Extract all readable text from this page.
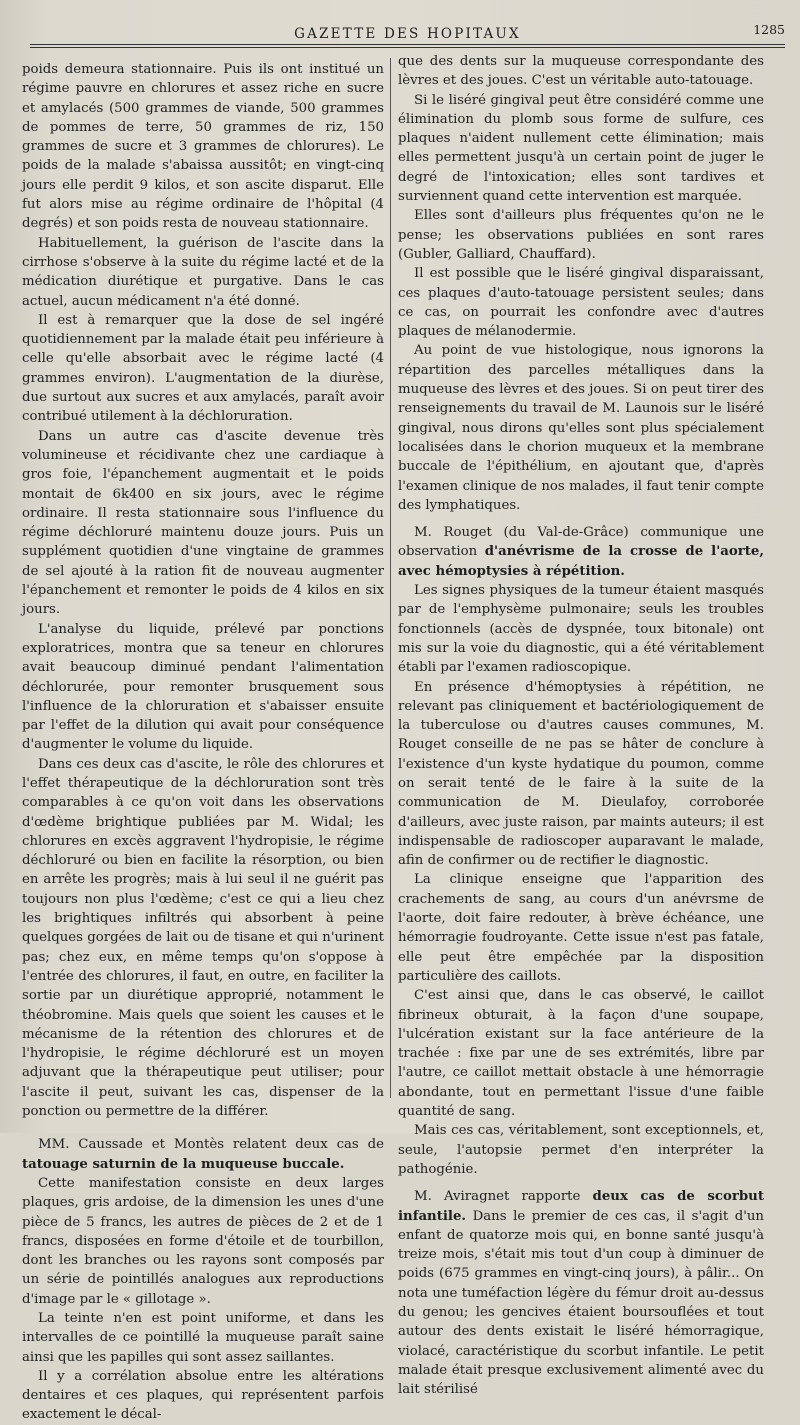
GAZETTE DES HOPITAUX	1285

poids demeura stationnaire. Puis ils ont institué un régime pauvre en chlorures et assez riche en sucre et amylacés (500 grammes de viande, 500 grammes de pommes de terre, 50 grammes de riz, 150 grammes de sucre et 3 grammes de chlorures). Le poids de la malade s'abaissa aussitôt; en vingt-cinq jours elle perdit 9 kilos, et son ascite disparut. Elle fut alors mise au régime ordinaire de l'hôpital (4 degrés) et son poids resta de nouveau stationnaire.

Habituellement, la guérison de l'ascite dans la cirrhose s'observe à la suite du régime lacté et de la médication diurétique et purgative. Dans le cas actuel, aucun médicament n'a été donné.

Il est à remarquer que la dose de sel ingéré quotidiennement par la malade était peu inférieure à celle qu'elle absorbait avec le régime lacté (4 grammes environ). L'augmentation de la diurèse, due surtout aux sucres et aux amylacés, paraît avoir contribué utilement à la déchloruration.

Dans un autre cas d'ascite devenue très volumineuse et récidivante chez une cardiaque à gros foie, l'épanchement augmentait et le poids montait de 6k400 en six jours, avec le régime ordinaire. Il resta stationnaire sous l'influence du régime déchloruré maintenu douze jours. Puis un supplément quotidien d'une vingtaine de grammes de sel ajouté à la ration fit de nouveau augmenter l'épanchement et remonter le poids de 4 kilos en six jours.

L'analyse du liquide, prélevé par ponctions exploratrices, montra que sa teneur en chlorures avait beaucoup diminué pendant l'alimentation déchlorurée, pour remonter brusquement sous l'influence de la chloruration et s'abaisser ensuite par l'effet de la dilution qui avait pour conséquence d'augmenter le volume du liquide.

Dans ces deux cas d'ascite, le rôle des chlorures et l'effet thérapeutique de la déchloruration sont très comparables à ce qu'on voit dans les observations d'œdème brightique publiées par M. Widal; les chlorures en excès aggravent l'hydropisie, le régime déchloruré ou bien en facilite la résorption, ou bien en arrête les progrès; mais à lui seul il ne guérit pas toujours non plus l'œdème; c'est ce qui a lieu chez les brightiques infiltrés qui absorbent à peine quelques gorgées de lait ou de tisane et qui n'urinent pas; chez eux, en même temps qu'on s'oppose à l'entrée des chlorures, il faut, en outre, en faciliter la sortie par un diurétique approprié, notamment le théobromine. Mais quels que soient les causes et le mécanisme de la rétention des chlorures et de l'hydropisie, le régime déchloruré est un moyen adjuvant que la thérapeutique peut utiliser; pour l'ascite il peut, suivant les cas, dispenser de la ponction ou permettre de la différer.

MM. Caussade et Montès relatent deux cas de tatouage saturnin de la muqueuse buccale.

Cette manifestation consiste en deux larges plaques, gris ardoise, de la dimension les unes d'une pièce de 5 francs, les autres de pièces de 2 et de 1 francs, disposées en forme d'étoile et de tourbillon, dont les branches ou les rayons sont composés par un série de pointillés analogues aux reproductions d'image par le « gillotage ».

La teinte n'en est point uniforme, et dans les intervalles de ce pointillé la muqueuse paraît saine ainsi que les papilles qui sont assez saillantes.

Il y a corrélation absolue entre les altérations dentaires et ces plaques, qui représentent parfois exactement le décal-

que des dents sur la muqueuse correspondante des lèvres et des joues. C'est un véritable auto-tatouage.

Si le liséré gingival peut être considéré comme une élimination du plomb sous forme de sulfure, ces plaques n'aident nullement cette élimination; mais elles permettent jusqu'à un certain point de juger le degré de l'intoxication; elles sont tardives et surviennent quand cette intervention est marquée.

Elles sont d'ailleurs plus fréquentes qu'on ne le pense; les observations publiées en sont rares (Gubler, Galliard, Chauffard).

Il est possible que le liséré gingival disparaissant, ces plaques d'auto-tatouage persistent seules; dans ce cas, on pourrait les confondre avec d'autres plaques de mélanodermie.

Au point de vue histologique, nous ignorons la répartition des parcelles métalliques dans la muqueuse des lèvres et des joues. Si on peut tirer des renseignements du travail de M. Launois sur le liséré gingival, nous dirons qu'elles sont plus spécialement localisées dans le chorion muqueux et la membrane buccale de l'épithélium, en ajoutant que, d'après l'examen clinique de nos malades, il faut tenir compte des lymphatiques.

M. Rouget (du Val-de-Grâce) communique une observation d'anévrisme de la crosse de l'aorte, avec hémoptysies à répétition.

Les signes physiques de la tumeur étaient masqués par de l'emphysème pulmonaire; seuls les troubles fonctionnels (accès de dyspnée, toux bitonale) ont mis sur la voie du diagnostic, qui a été véritablement établi par l'examen radioscopique.

En présence d'hémoptysies à répétition, ne relevant pas cliniquement et bactériologiquement de la tuberculose ou d'autres causes communes, M. Rouget conseille de ne pas se hâter de conclure à l'existence d'un kyste hydatique du poumon, comme on serait tenté de le faire à la suite de la communication de M. Dieulafoy, corroborée d'ailleurs, avec juste raison, par maints auteurs; il est indispensable de radioscoper auparavant le malade, afin de confirmer ou de rectifier le diagnostic.

La clinique enseigne que l'apparition des crachements de sang, au cours d'un anévrsme de l'aorte, doit faire redouter, à brève échéance, une hémorragie foudroyante. Cette issue n'est pas fatale, elle peut être empêchée par la disposition particulière des caillots.

C'est ainsi que, dans le cas observé, le caillot fibrineux obturait, à la façon d'une soupape, l'ulcération existant sur la face antérieure de la trachée : fixe par une de ses extrémités, libre par l'autre, ce caillot mettait obstacle à une hémorragie abondante, tout en permettant l'issue d'une faible quantité de sang.

Mais ces cas, véritablement, sont exceptionnels, et, seule, l'autopsie permet d'en interpréter la pathogénie.

M. Aviragnet rapporte deux cas de scorbut infantile. Dans le premier de ces cas, il s'agit d'un enfant de quatorze mois qui, en bonne santé jusqu'à treize mois, s'était mis tout d'un coup à diminuer de poids (675 grammes en vingt-cinq jours), à pâlir... On nota une tuméfaction légère du fémur droit au-dessus du genou; les gencives étaient boursouflées et tout autour des dents existait le liséré hémorragique, violacé, caractéristique du scorbut infantile. Le petit malade était presque exclusivement alimenté avec du lait stérilisé
